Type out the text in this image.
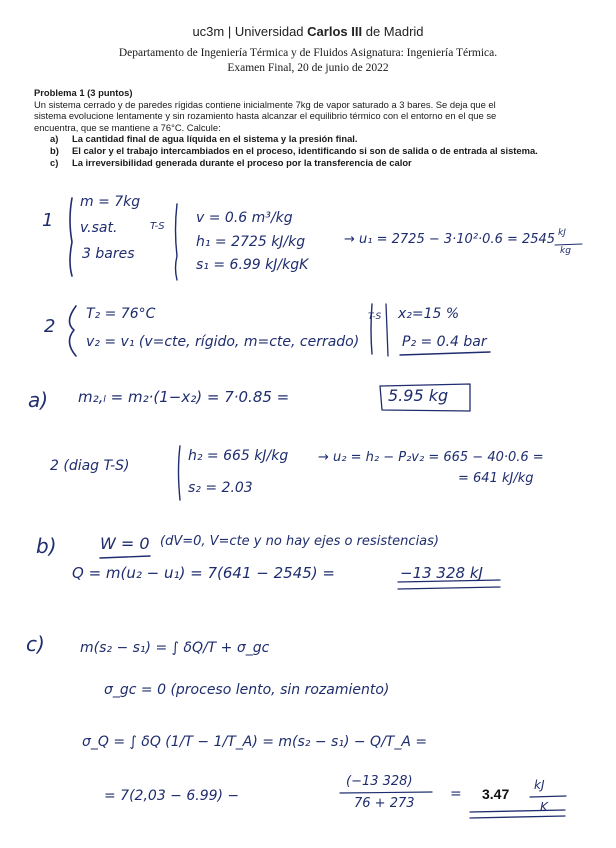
uc3m | Universidad Carlos III de Madrid
Departamento de Ingeniería Térmica y de Fluidos Asignatura: Ingeniería Térmica.
Examen Final, 20 de junio de 2022
Problema 1 (3 puntos)
Un sistema cerrado y de paredes rígidas contiene inicialmente 7kg de vapor saturado a 3 bares. Se deja que el
sistema evolucione lentamente y sin rozamiento hasta alcanzar el equilibrio térmico con el entorno en el que se
encuentra, que se mantiene a 76°C. Calcule:
a) La cantidad final de agua líquida en el sistema y la presión final.
b) El calor y el trabajo intercambiados en el proceso, identificando si son de salida o de entrada al sistema.
c) La irreversibilidad generada durante el proceso por la transferencia de calor
1
m = 7kg
v.sat.
3 bares
T-S
v = 0.6 m³/kg
h₁ = 2725 kJ/kg
s₁ = 6.99 kJ/kgK
→ u₁ = 2725 − 3·10²·0.6 = 2545 kJ
kg
2
T₂ = 76°C
v₂ = v₁ (v=cte, rígido, m=cte, cerrado)
T-S x₂=15 %
P₂ = 0.4 bar
a) m₂,ₗ = m₂·(1−x₂) = 7·0.85 =	5.95 kg
2 (diag T-S)
h₂ = 665 kJ/kg
s₂ = 2.03
→ u₂ = h₂ − P₂v₂ = 665 − 40·0.6 =
= 641 kJ/kg
b)	W = 0 (dV=0, V=cte y no hay ejes o resistencias)
Q = m(u₂ − u₁) = 7(641 − 2545) =	−13 328 kJ
c)	m(s₂ − s₁) = ∫ δQ/T + σ_gc
σ_gc = 0 (proceso lento, sin rozamiento)
σ_Q = ∫ δQ (1/T − 1/T_A) = m(s₂ − s₁) − Q/T_A =
= 7(2,03 − 6.99) −
(−13 328)
76 + 273
= 3.47
kJ
K
